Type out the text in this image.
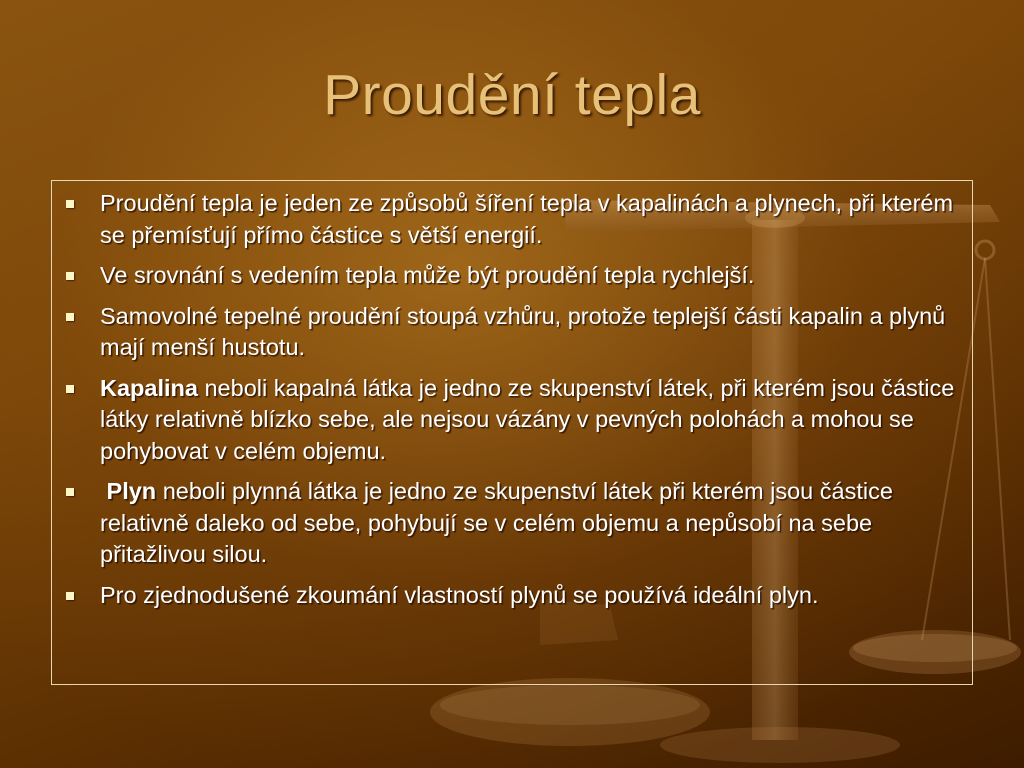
Proudění tepla
Proudění tepla je jeden ze způsobů šíření tepla v kapalinách a plynech, při kterém se přemísťují přímo částice s větší energií.
Ve srovnání s vedením tepla může být proudění tepla rychlejší.
Samovolné tepelné proudění stoupá vzhůru, protože teplejší části kapalin a plynů mají menší hustotu.
Kapalina neboli kapalná látka je jedno ze skupenství látek, při kterém jsou částice látky relativně blízko sebe, ale nejsou vázány v pevných polohách a mohou se pohybovat v celém objemu.
Plyn neboli plynná látka je jedno ze skupenství látek při kterém jsou částice relativně daleko od sebe, pohybují se v celém objemu a nepůsobí na sebe přitažlivou silou.
Pro zjednodušené zkoumání vlastností plynů se používá ideální plyn.
